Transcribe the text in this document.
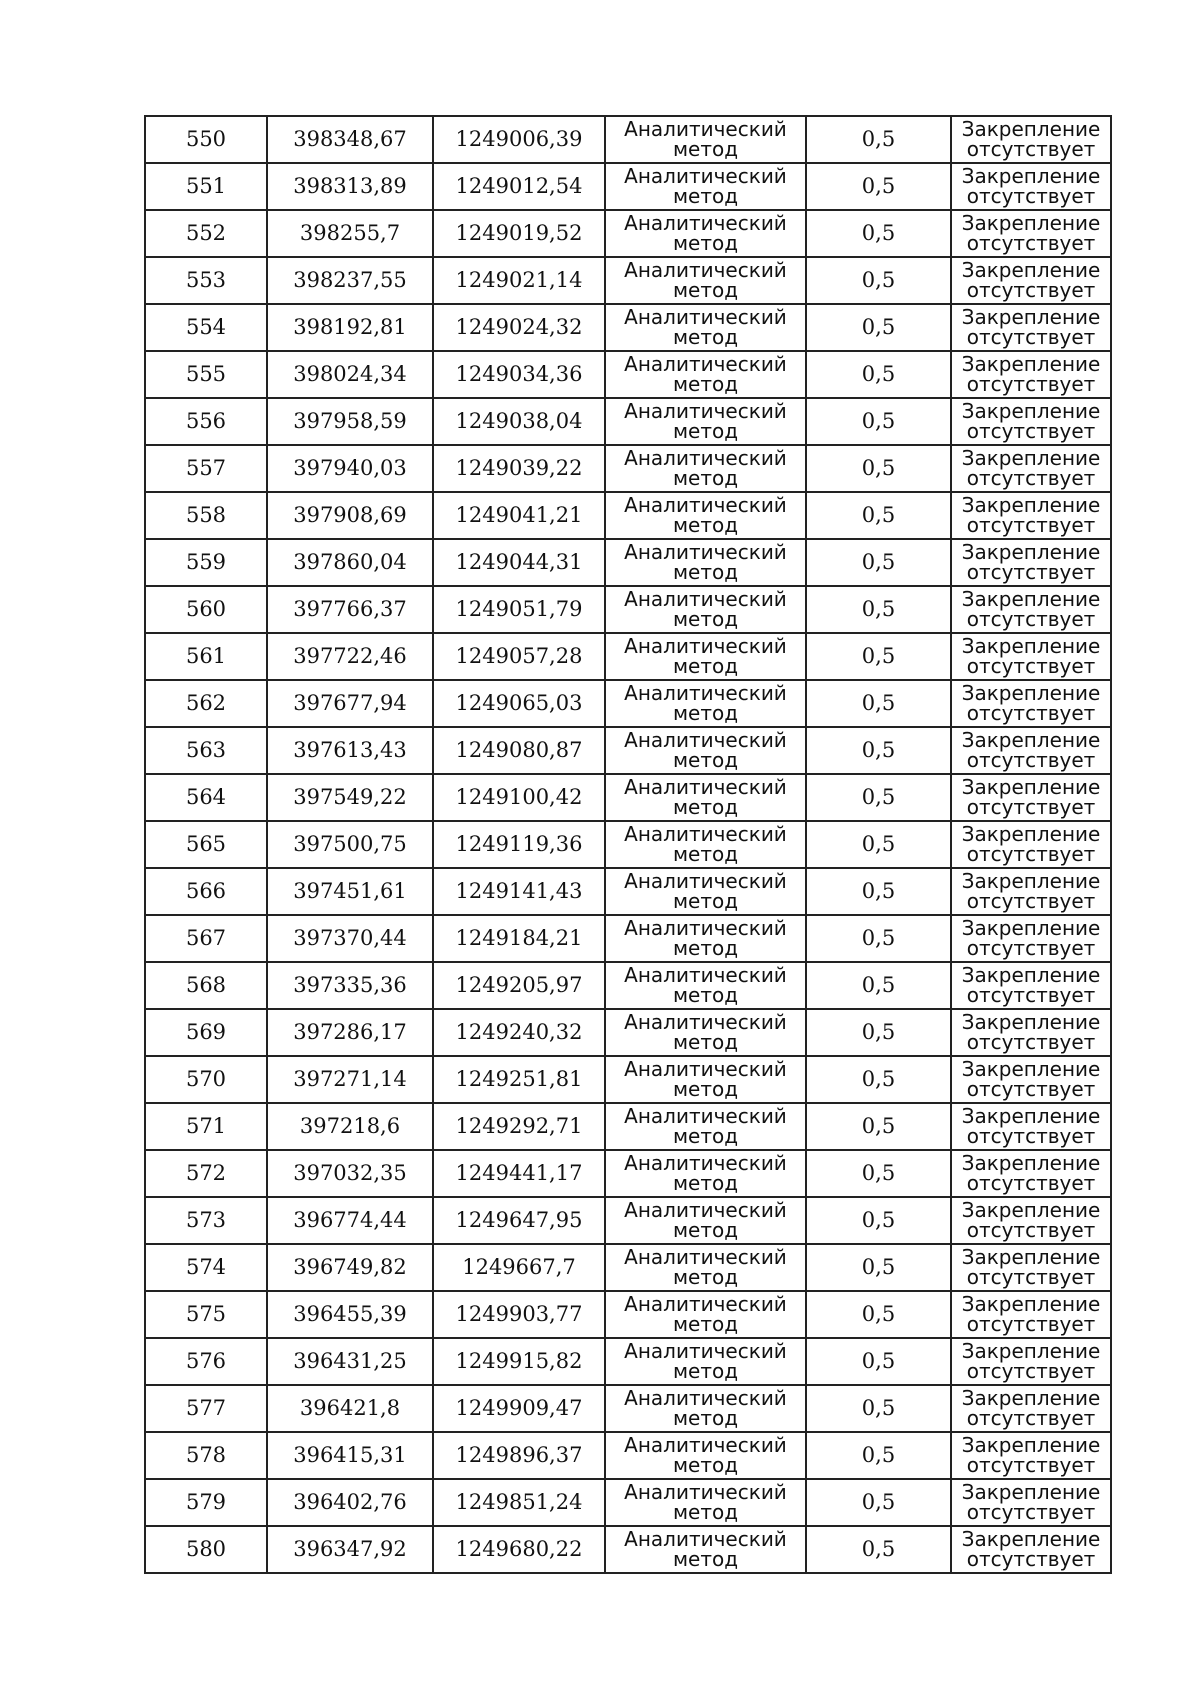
550	398348,67	1249006,39	Аналитический
метод	0,5	Закрепление
отсутствует

551	398313,89	1249012,54	Аналитический
метод	0,5	Закрепление
отсутствует

552	398255,7	1249019,52	Аналитический
метод	0,5	Закрепление
отсутствует

553	398237,55	1249021,14	Аналитический
метод	0,5	Закрепление
отсутствует

554	398192,81	1249024,32	Аналитический
метод	0,5	Закрепление
отсутствует

555	398024,34	1249034,36	Аналитический
метод	0,5	Закрепление
отсутствует

556	397958,59	1249038,04	Аналитический
метод	0,5	Закрепление
отсутствует

557	397940,03	1249039,22	Аналитический
метод	0,5	Закрепление
отсутствует

558	397908,69	1249041,21	Аналитический
метод	0,5	Закрепление
отсутствует

559	397860,04	1249044,31	Аналитический
метод	0,5	Закрепление
отсутствует

560	397766,37	1249051,79	Аналитический
метод	0,5	Закрепление
отсутствует

561	397722,46	1249057,28	Аналитический
метод	0,5	Закрепление
отсутствует

562	397677,94	1249065,03	Аналитический
метод	0,5	Закрепление
отсутствует

563	397613,43	1249080,87	Аналитический
метод	0,5	Закрепление
отсутствует

564	397549,22	1249100,42	Аналитический
метод	0,5	Закрепление
отсутствует

565	397500,75	1249119,36	Аналитический
метод	0,5	Закрепление
отсутствует

566	397451,61	1249141,43	Аналитический
метод	0,5	Закрепление
отсутствует

567	397370,44	1249184,21	Аналитический
метод	0,5	Закрепление
отсутствует

568	397335,36	1249205,97	Аналитический
метод	0,5	Закрепление
отсутствует

569	397286,17	1249240,32	Аналитический
метод	0,5	Закрепление
отсутствует

570	397271,14	1249251,81	Аналитический
метод	0,5	Закрепление
отсутствует

571	397218,6	1249292,71	Аналитический
метод	0,5	Закрепление
отсутствует

572	397032,35	1249441,17	Аналитический
метод	0,5	Закрепление
отсутствует

573	396774,44	1249647,95	Аналитический
метод	0,5	Закрепление
отсутствует

574	396749,82	1249667,7	Аналитический
метод	0,5	Закрепление
отсутствует

575	396455,39	1249903,77	Аналитический
метод	0,5	Закрепление
отсутствует

576	396431,25	1249915,82	Аналитический
метод	0,5	Закрепление
отсутствует

577	396421,8	1249909,47	Аналитический
метод	0,5	Закрепление
отсутствует

578	396415,31	1249896,37	Аналитический
метод	0,5	Закрепление
отсутствует

579	396402,76	1249851,24	Аналитический
метод	0,5	Закрепление
отсутствует

580	396347,92	1249680,22	Аналитический
метод	0,5	Закрепление
отсутствует
